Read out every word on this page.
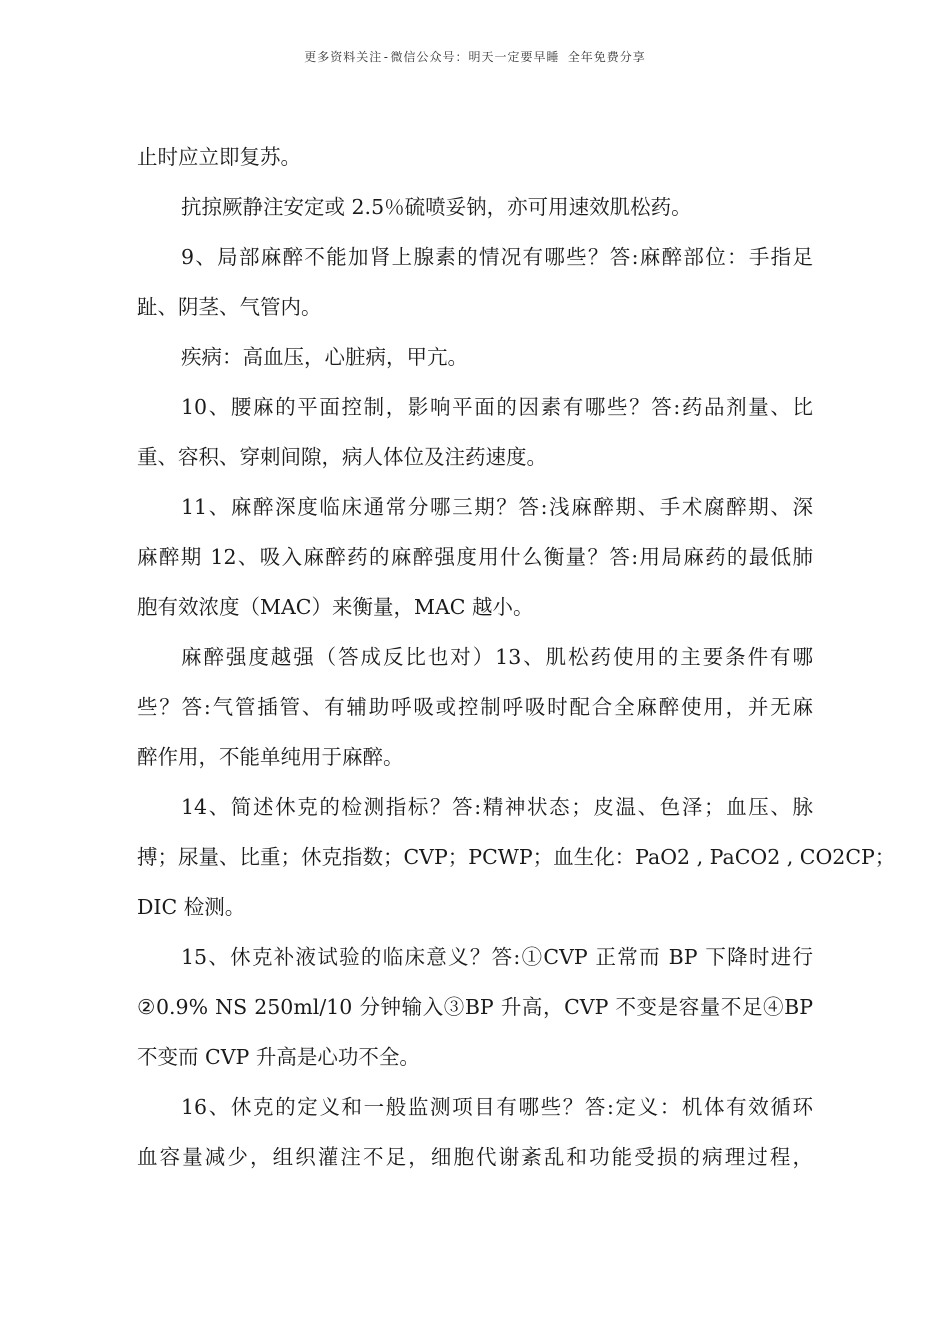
更多资料关注-微信公众号：明天一定要早睡 全年免费分享
止时应立即复苏。
抗掠厥静注安定或 2.5％硫喷妥钠，亦可用速效肌松药。
9、局部麻醉不能加肾上腺素的情况有哪些？答:麻醉部位：手指足
趾、阴茎、气管内。
疾病：高血压，心脏病，甲亢。
10、腰麻的平面控制，影响平面的因素有哪些？答:药品剂量、比
重、容积、穿刺间隙，病人体位及注药速度。
11、麻醉深度临床通常分哪三期？答:浅麻醉期、手术腐醉期、深
麻醉期 12、吸入麻醉药的麻醉强度用什么衡量？答:用局麻药的最低肺
胞有效浓度（MAC）来衡量，MAC 越小。
麻醉强度越强（答成反比也对）13、肌松药使用的主要条件有哪
些？答:气管插管、有辅助呼吸或控制呼吸时配合全麻醉使用，并无麻
醉作用，不能单纯用于麻醉。
14、简述休克的检测指标？答:精神状态；皮温、色泽；血压、脉
搏；尿量、比重；休克指数；CVP；PCWP；血生化：PaO2 , PaCO2 , CO2CP；
DIC 检测。
15、休克补液试验的临床意义？答:①CVP 正常而 BP 下降时进行
②0.9% NS 250ml/10 分钟输入③BP 升高，CVP 不变是容量不足④BP
不变而 CVP 升高是心功不全。
16、休克的定义和一般监测项目有哪些？答:定义：机体有效循环
血容量减少，组织灌注不足，细胞代谢紊乱和功能受损的病理过程，
